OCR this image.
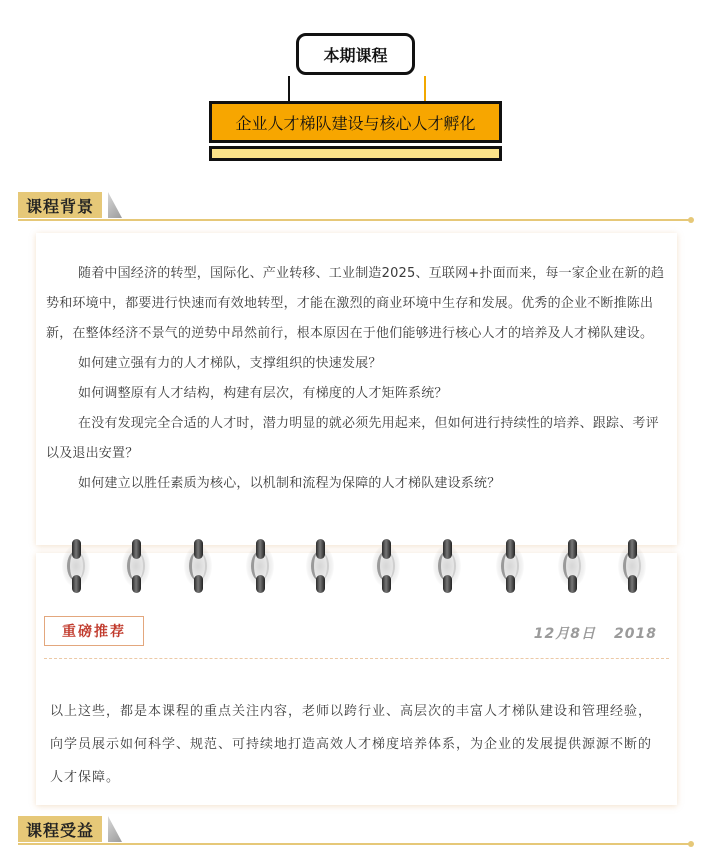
本期课程
企业人才梯队建设与核心人才孵化
课程背景

随着中国经济的转型，国际化、产业转移、工业制造2025、互联网+扑面而来，每一家企业在新的趋势和环境中，都要进行快速而有效地转型，才能在激烈的商业环境中生存和发展。优秀的企业不断推陈出新，在整体经济不景气的逆势中昂然前行，根本原因在于他们能够进行核心人才的培养及人才梯队建设。

如何建立强有力的人才梯队，支撑组织的快速发展？

如何调整原有人才结构，构建有层次，有梯度的人才矩阵系统？

在没有发现完全合适的人才时，潜力明显的就必须先用起来，但如何进行持续性的培养、跟踪、考评以及退出安置？

如何建立以胜任素质为核心，以机制和流程为保障的人才梯队建设系统？

重磅推荐	12月8日 2018

以上这些，都是本课程的重点关注内容，老师以跨行业、高层次的丰富人才梯队建设和管理经验，向学员展示如何科学、规范、可持续地打造高效人才梯度培养体系，为企业的发展提供源源不断的人才保障。

课程受益
